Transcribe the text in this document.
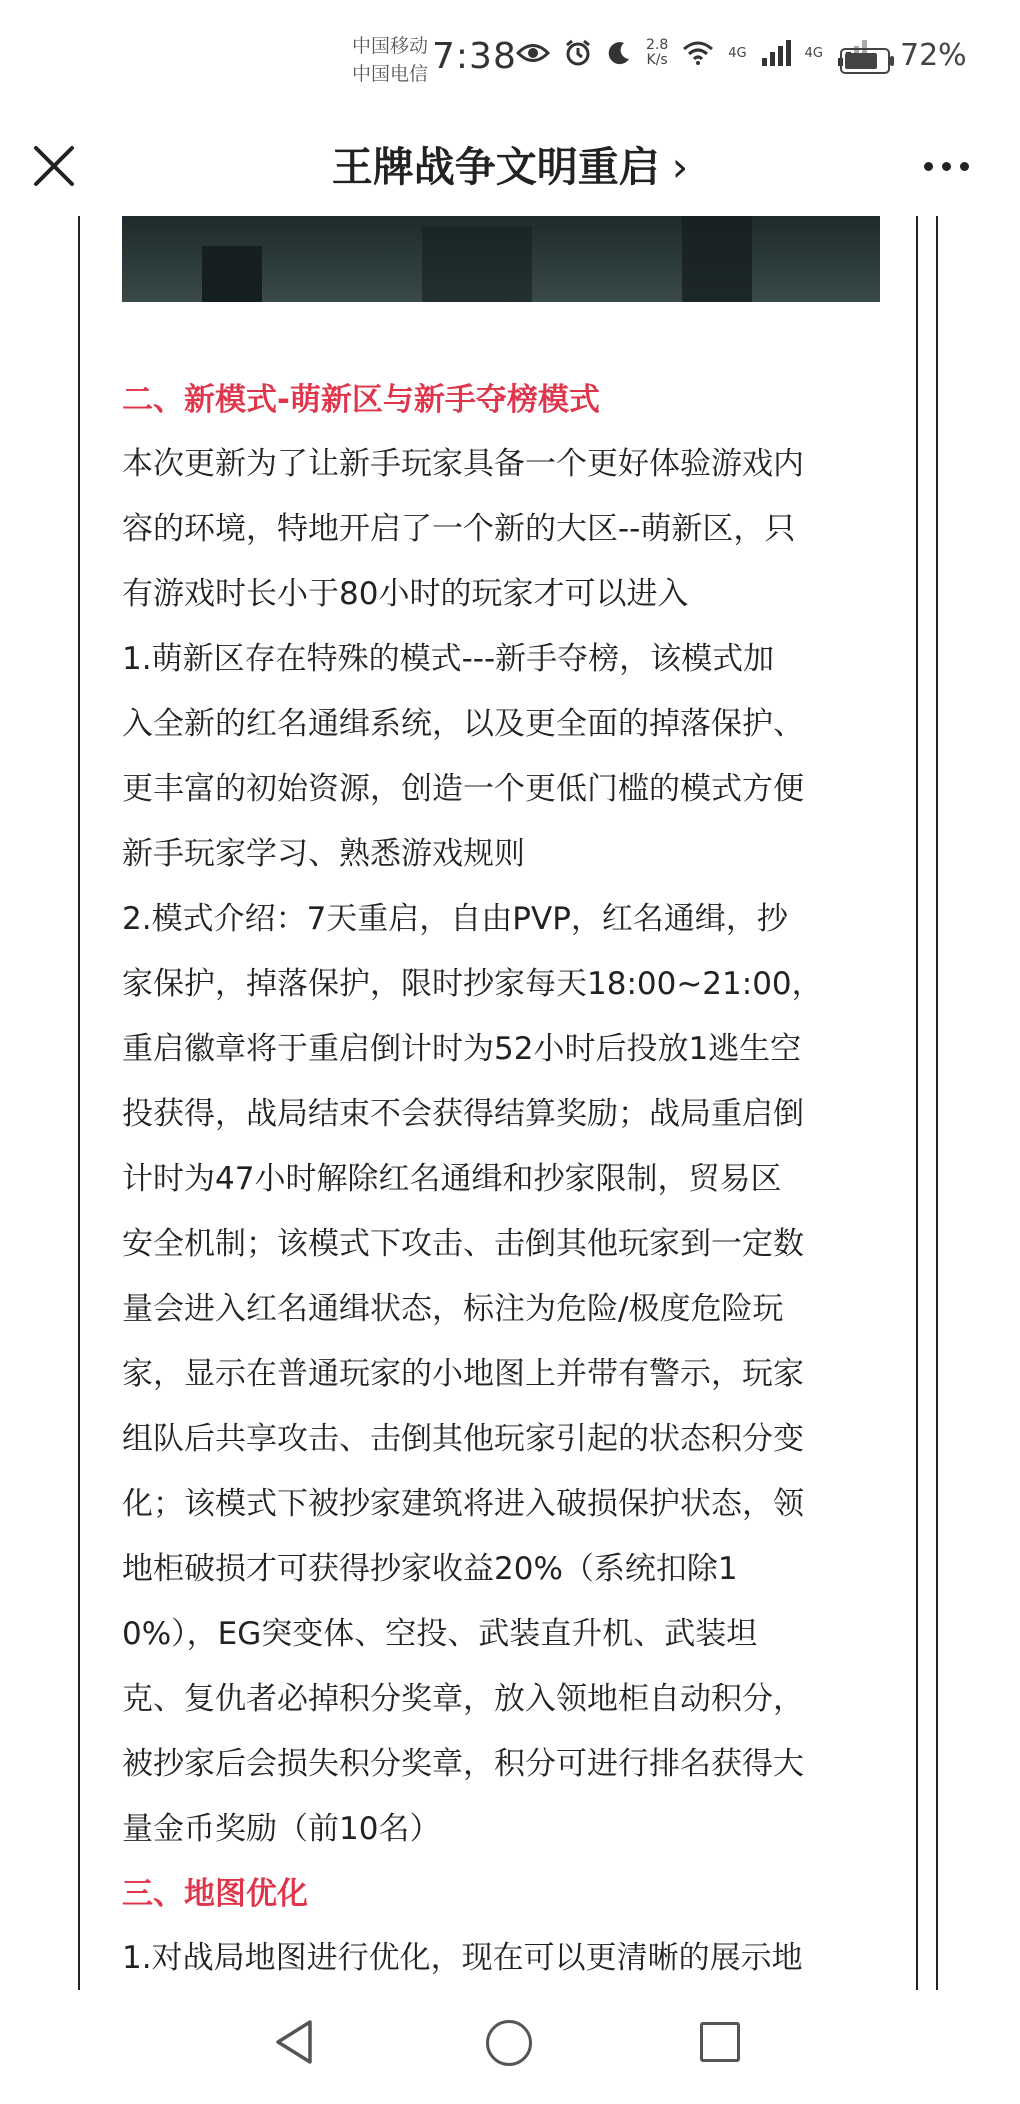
中国移动
中国电信 7:38	2.8
K/s	4G	4G	72%
王牌战争文明重启 ›
二、新模式-萌新区与新手夺榜模式

本次更新为了让新手玩家具备一个更好体验游戏内
容的环境，特地开启了一个新的大区--萌新区，只
有游戏时长小于80小时的玩家才可以进入

1.萌新区存在特殊的模式---新手夺榜，该模式加
入全新的红名通缉系统，以及更全面的掉落保护、
更丰富的初始资源，创造一个更低门槛的模式方便
新手玩家学习、熟悉游戏规则

2.模式介绍：7天重启，自由PVP，红名通缉，抄
家保护，掉落保护，限时抄家每天18:00~21:00，
重启徽章将于重启倒计时为52小时后投放1逃生空
投获得，战局结束不会获得结算奖励；战局重启倒
计时为47小时解除红名通缉和抄家限制，贸易区
安全机制；该模式下攻击、击倒其他玩家到一定数
量会进入红名通缉状态，标注为危险/极度危险玩
家，显示在普通玩家的小地图上并带有警示，玩家
组队后共享攻击、击倒其他玩家引起的状态积分变
化；该模式下被抄家建筑将进入破损保护状态，领
地柜破损才可获得抄家收益20%（系统扣除1
0%），EG突变体、空投、武装直升机、武装坦
克、复仇者必掉积分奖章，放入领地柜自动积分，
被抄家后会损失积分奖章，积分可进行排名获得大
量金币奖励（前10名）

三、地图优化

1.对战局地图进行优化，现在可以更清晰的展示地
